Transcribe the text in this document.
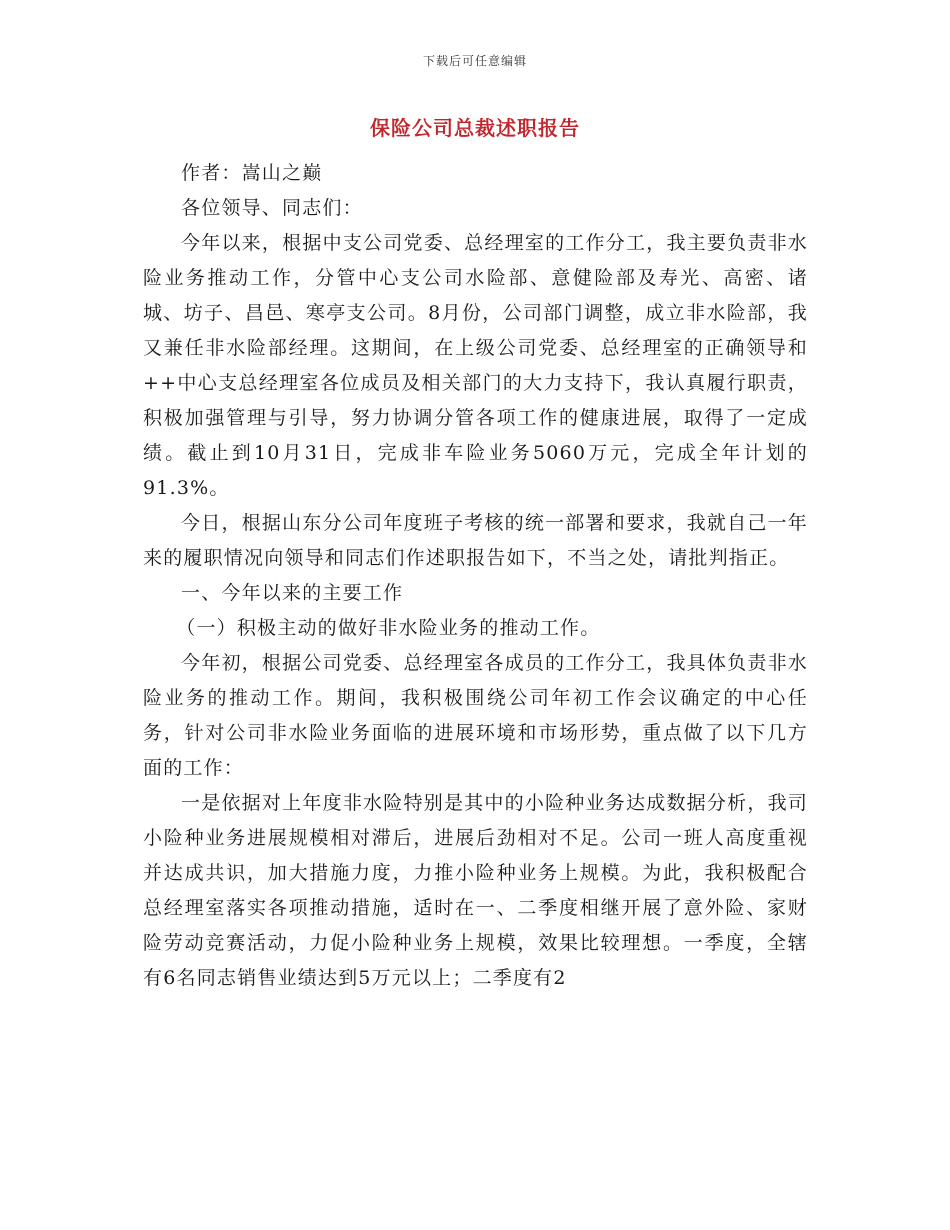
下载后可任意编辑
保险公司总裁述职报告

作者：嵩山之巅

各位领导、同志们：

今年以来，根据中支公司党委、总经理室的工作分工，我主要负责非水险业务推动工作，分管中心支公司水险部、意健险部及寿光、高密、诸城、坊子、昌邑、寒亭支公司。8月份，公司部门调整，成立非水险部，我又兼任非水险部经理。这期间，在上级公司党委、总经理室的正确领导和++中心支总经理室各位成员及相关部门的大力支持下，我认真履行职责，积极加强管理与引导，努力协调分管各项工作的健康进展，取得了一定成绩。截止到10月31日，完成非车险业务5060万元，完成全年计划的91.3%。

今日，根据山东分公司年度班子考核的统一部署和要求，我就自己一年来的履职情况向领导和同志们作述职报告如下，不当之处，请批判指正。

一、今年以来的主要工作

（一）积极主动的做好非水险业务的推动工作。

今年初，根据公司党委、总经理室各成员的工作分工，我具体负责非水险业务的推动工作。期间，我积极围绕公司年初工作会议确定的中心任务，针对公司非水险业务面临的进展环境和市场形势，重点做了以下几方面的工作：

一是依据对上年度非水险特别是其中的小险种业务达成数据分析，我司小险种业务进展规模相对滞后，进展后劲相对不足。公司一班人高度重视并达成共识，加大措施力度，力推小险种业务上规模。为此，我积极配合总经理室落实各项推动措施，适时在一、二季度相继开展了意外险、家财险劳动竞赛活动，力促小险种业务上规模，效果比较理想。一季度，全辖有6名同志销售业绩达到5万元以上；二季度有2
